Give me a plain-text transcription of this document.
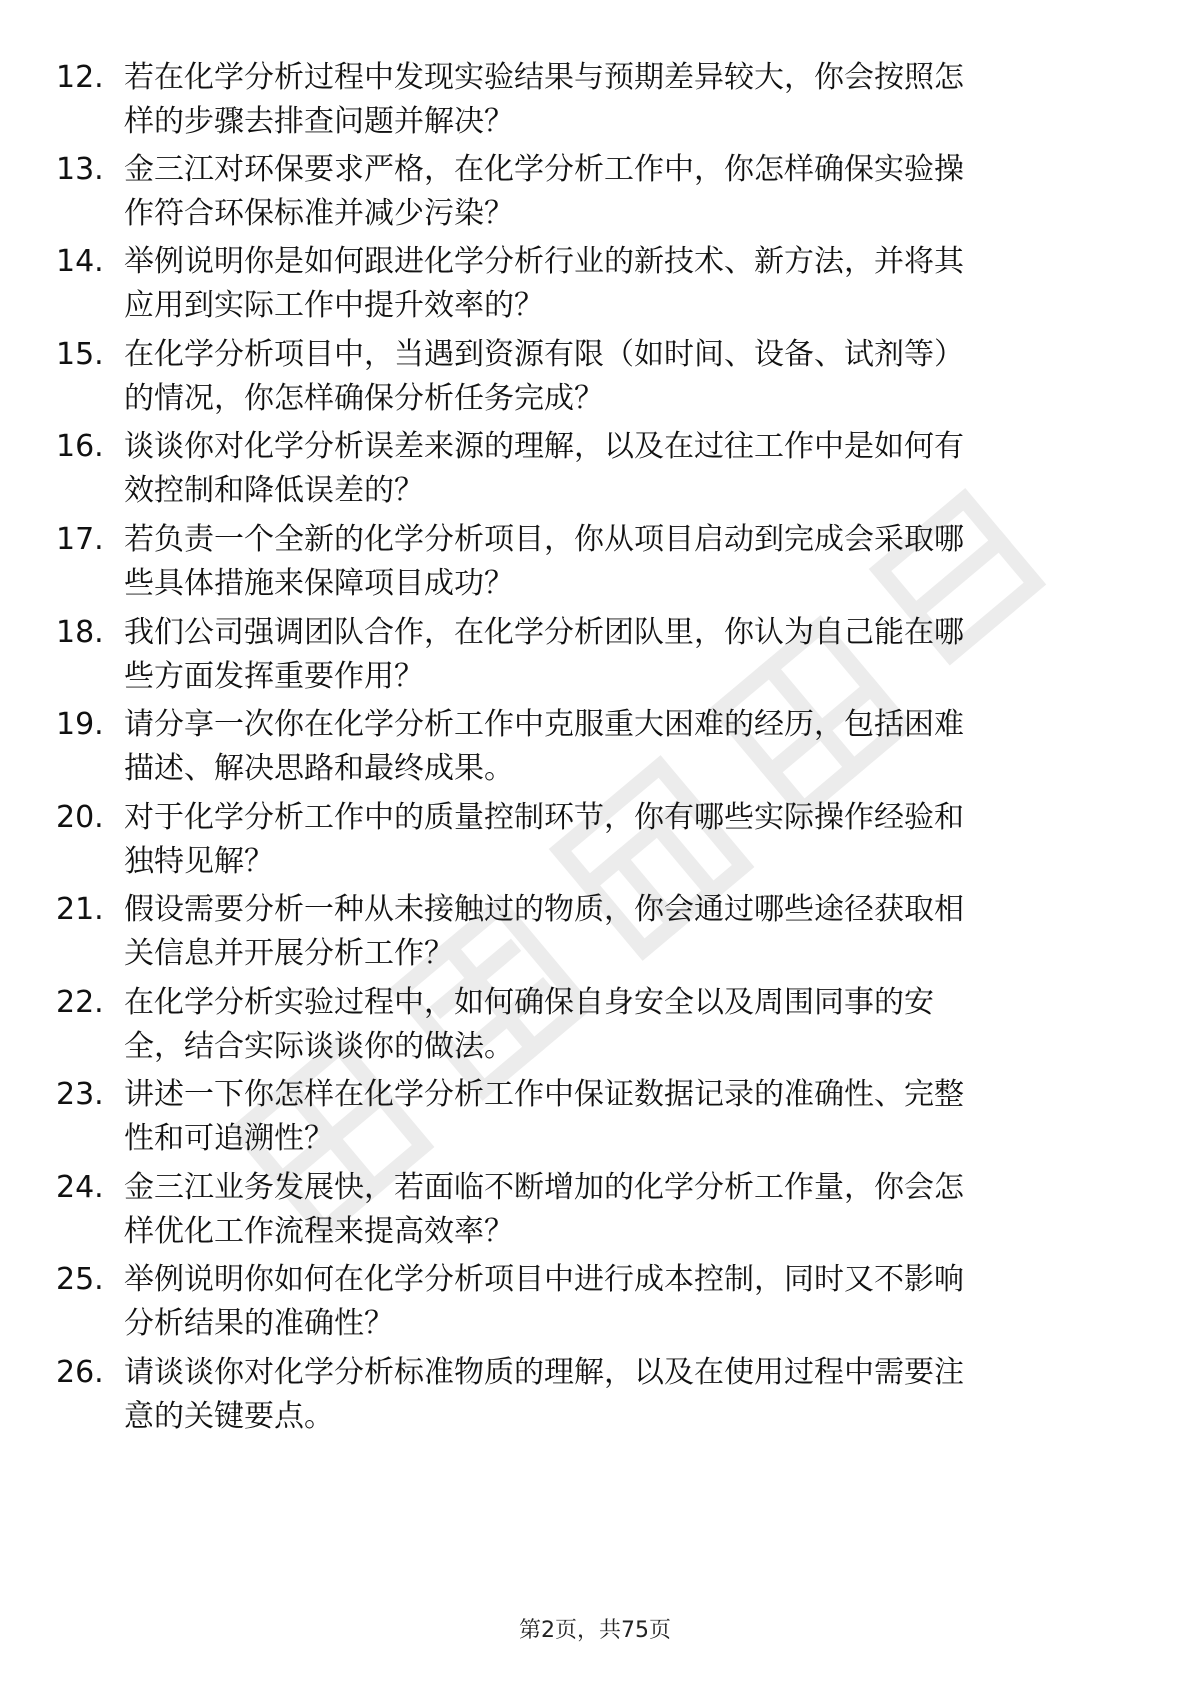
12. 若在化学分析过程中发现实验结果与预期差异较大，你会按照怎
样的步骤去排查问题并解决？
13. 金三江对环保要求严格，在化学分析工作中，你怎样确保实验操
作符合环保标准并减少污染？
14. 举例说明你是如何跟进化学分析行业的新技术、新方法，并将其
应用到实际工作中提升效率的？
15. 在化学分析项目中，当遇到资源有限（如时间、设备、试剂等）
的情况，你怎样确保分析任务完成？
16. 谈谈你对化学分析误差来源的理解，以及在过往工作中是如何有
效控制和降低误差的？
17. 若负责一个全新的化学分析项目，你从项目启动到完成会采取哪
些具体措施来保障项目成功？
18. 我们公司强调团队合作，在化学分析团队里，你认为自己能在哪
些方面发挥重要作用？
19. 请分享一次你在化学分析工作中克服重大困难的经历，包括困难
描述、解决思路和最终成果。
20. 对于化学分析工作中的质量控制环节，你有哪些实际操作经验和
独特见解？
21. 假设需要分析一种从未接触过的物质，你会通过哪些途径获取相
关信息并开展分析工作？
22. 在化学分析实验过程中，如何确保自身安全以及周围同事的安
全，结合实际谈谈你的做法。
23. 讲述一下你怎样在化学分析工作中保证数据记录的准确性、完整
性和可追溯性？
24. 金三江业务发展快，若面临不断增加的化学分析工作量，你会怎
样优化工作流程来提高效率？
25. 举例说明你如何在化学分析项目中进行成本控制，同时又不影响
分析结果的准确性？
26. 请谈谈你对化学分析标准物质的理解，以及在使用过程中需要注
意的关键要点。
第2页，共75页
